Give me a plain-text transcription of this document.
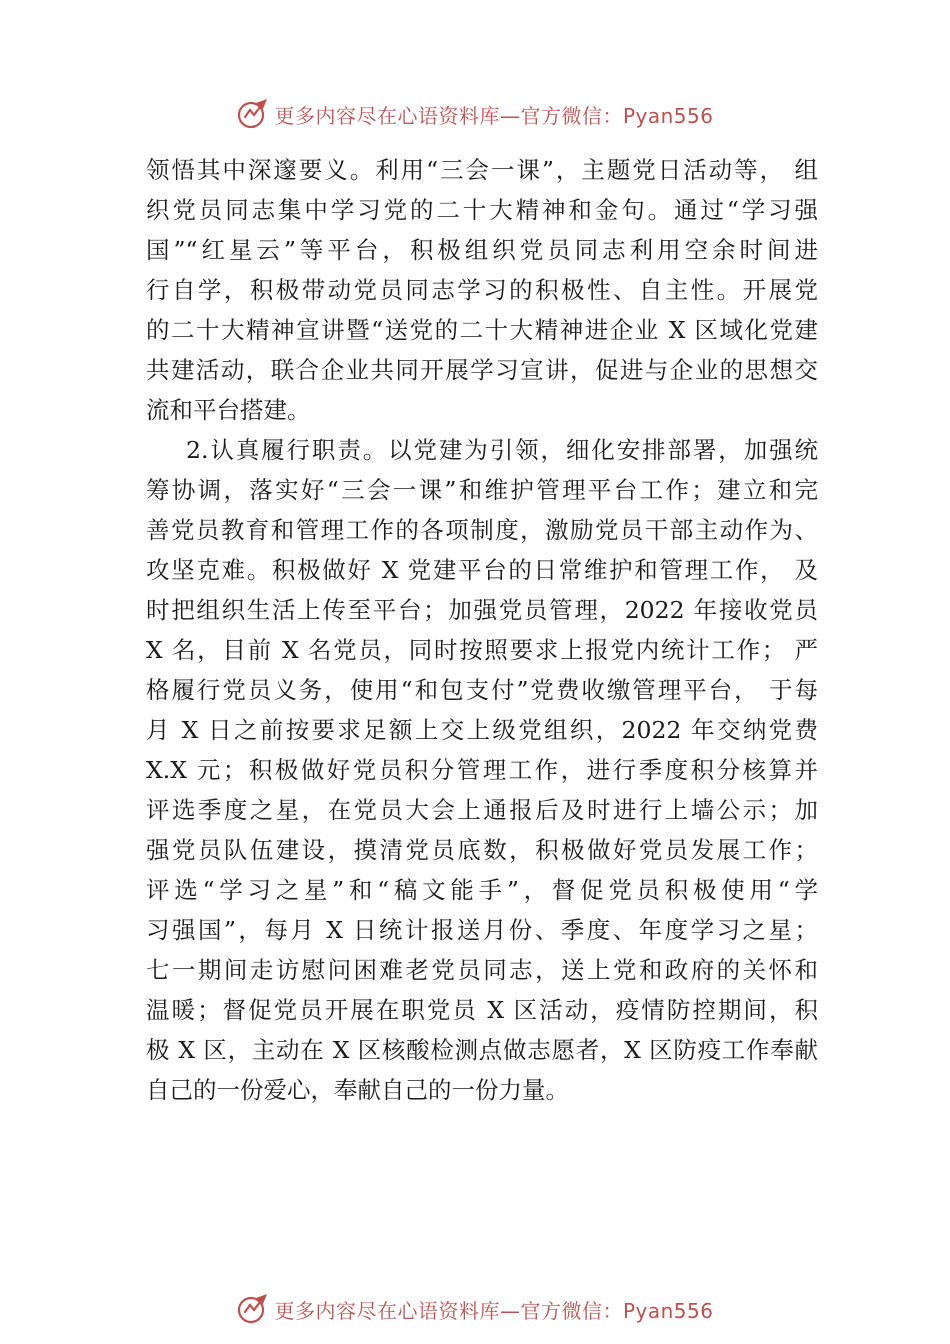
更多内容尽在心语资料库—官方微信：Pyan556
领悟其中深邃要义。利用“三会一课”，主题党日活动等， 组
织党员同志集中学习党的二十大精神和金句。通过“学习强
国”“红星云”等平台，积极组织党员同志利用空余时间进
行自学，积极带动党员同志学习的积极性、自主性。开展党
的二十大精神宣讲暨“送党的二十大精神进企业 X 区域化党建
共建活动，联合企业共同开展学习宣讲，促进与企业的思想交
流和平台搭建。
2.认真履行职责。以党建为引领，细化安排部署，加强统
筹协调，落实好“三会一课”和维护管理平台工作；建立和完
善党员教育和管理工作的各项制度，激励党员干部主动作为、
攻坚克难。积极做好 X 党建平台的日常维护和管理工作， 及
时把组织生活上传至平台；加强党员管理，2022 年接收党员
X 名，目前 X 名党员，同时按照要求上报党内统计工作； 严
格履行党员义务，使用“和包支付”党费收缴管理平台， 于每
月 X 日之前按要求足额上交上级党组织，2022 年交纳党费
X.X 元；积极做好党员积分管理工作，进行季度积分核算并
评选季度之星，在党员大会上通报后及时进行上墙公示；加
强党员队伍建设，摸清党员底数，积极做好党员发展工作；
评选“学习之星”和“稿文能手”，督促党员积极使用“学
习强国”，每月 X 日统计报送月份、季度、年度学习之星；
七一期间走访慰问困难老党员同志，送上党和政府的关怀和
温暖；督促党员开展在职党员 X 区活动，疫情防控期间，积
极 X 区，主动在 X 区核酸检测点做志愿者，X 区防疫工作奉献
自己的一份爱心，奉献自己的一份力量。
更多内容尽在心语资料库—官方微信：Pyan556
